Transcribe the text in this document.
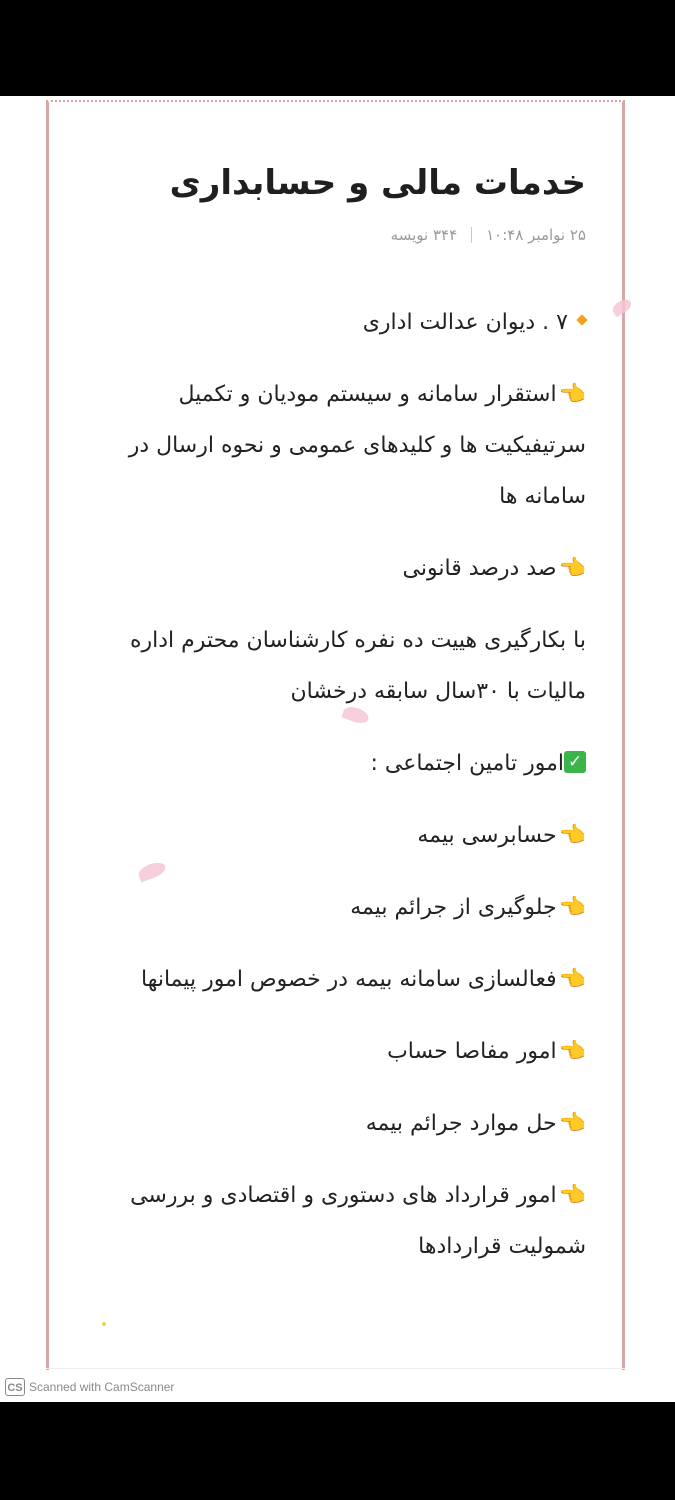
خدمات مالی و حسابداری
۲۵ نوامبر ۱۰:۴۸
۳۴۴ نویسه

۷ . دیوان عدالت اداری

👈استقرار سامانه و سیستم مودیان و تکمیل سرتیفیکیت ها و کلیدهای عمومی و نحوه ارسال در سامانه ها

👈صد درصد قانونی

با بکارگیری هییت ده نفره کارشناسان محترم اداره مالیات با ۳۰سال سابقه درخشان

✓امور تامین اجتماعی :

👈حسابرسی بیمه

👈جلوگیری از جرائم بیمه

👈فعالسازی سامانه بیمه در خصوص امور پیمانها

👈امور مفاصا حساب

👈حل موارد جرائم بیمه

👈امور قرارداد های دستوری و اقتصادی و بررسی شمولیت قراردادها

CS Scanned with CamScanner
